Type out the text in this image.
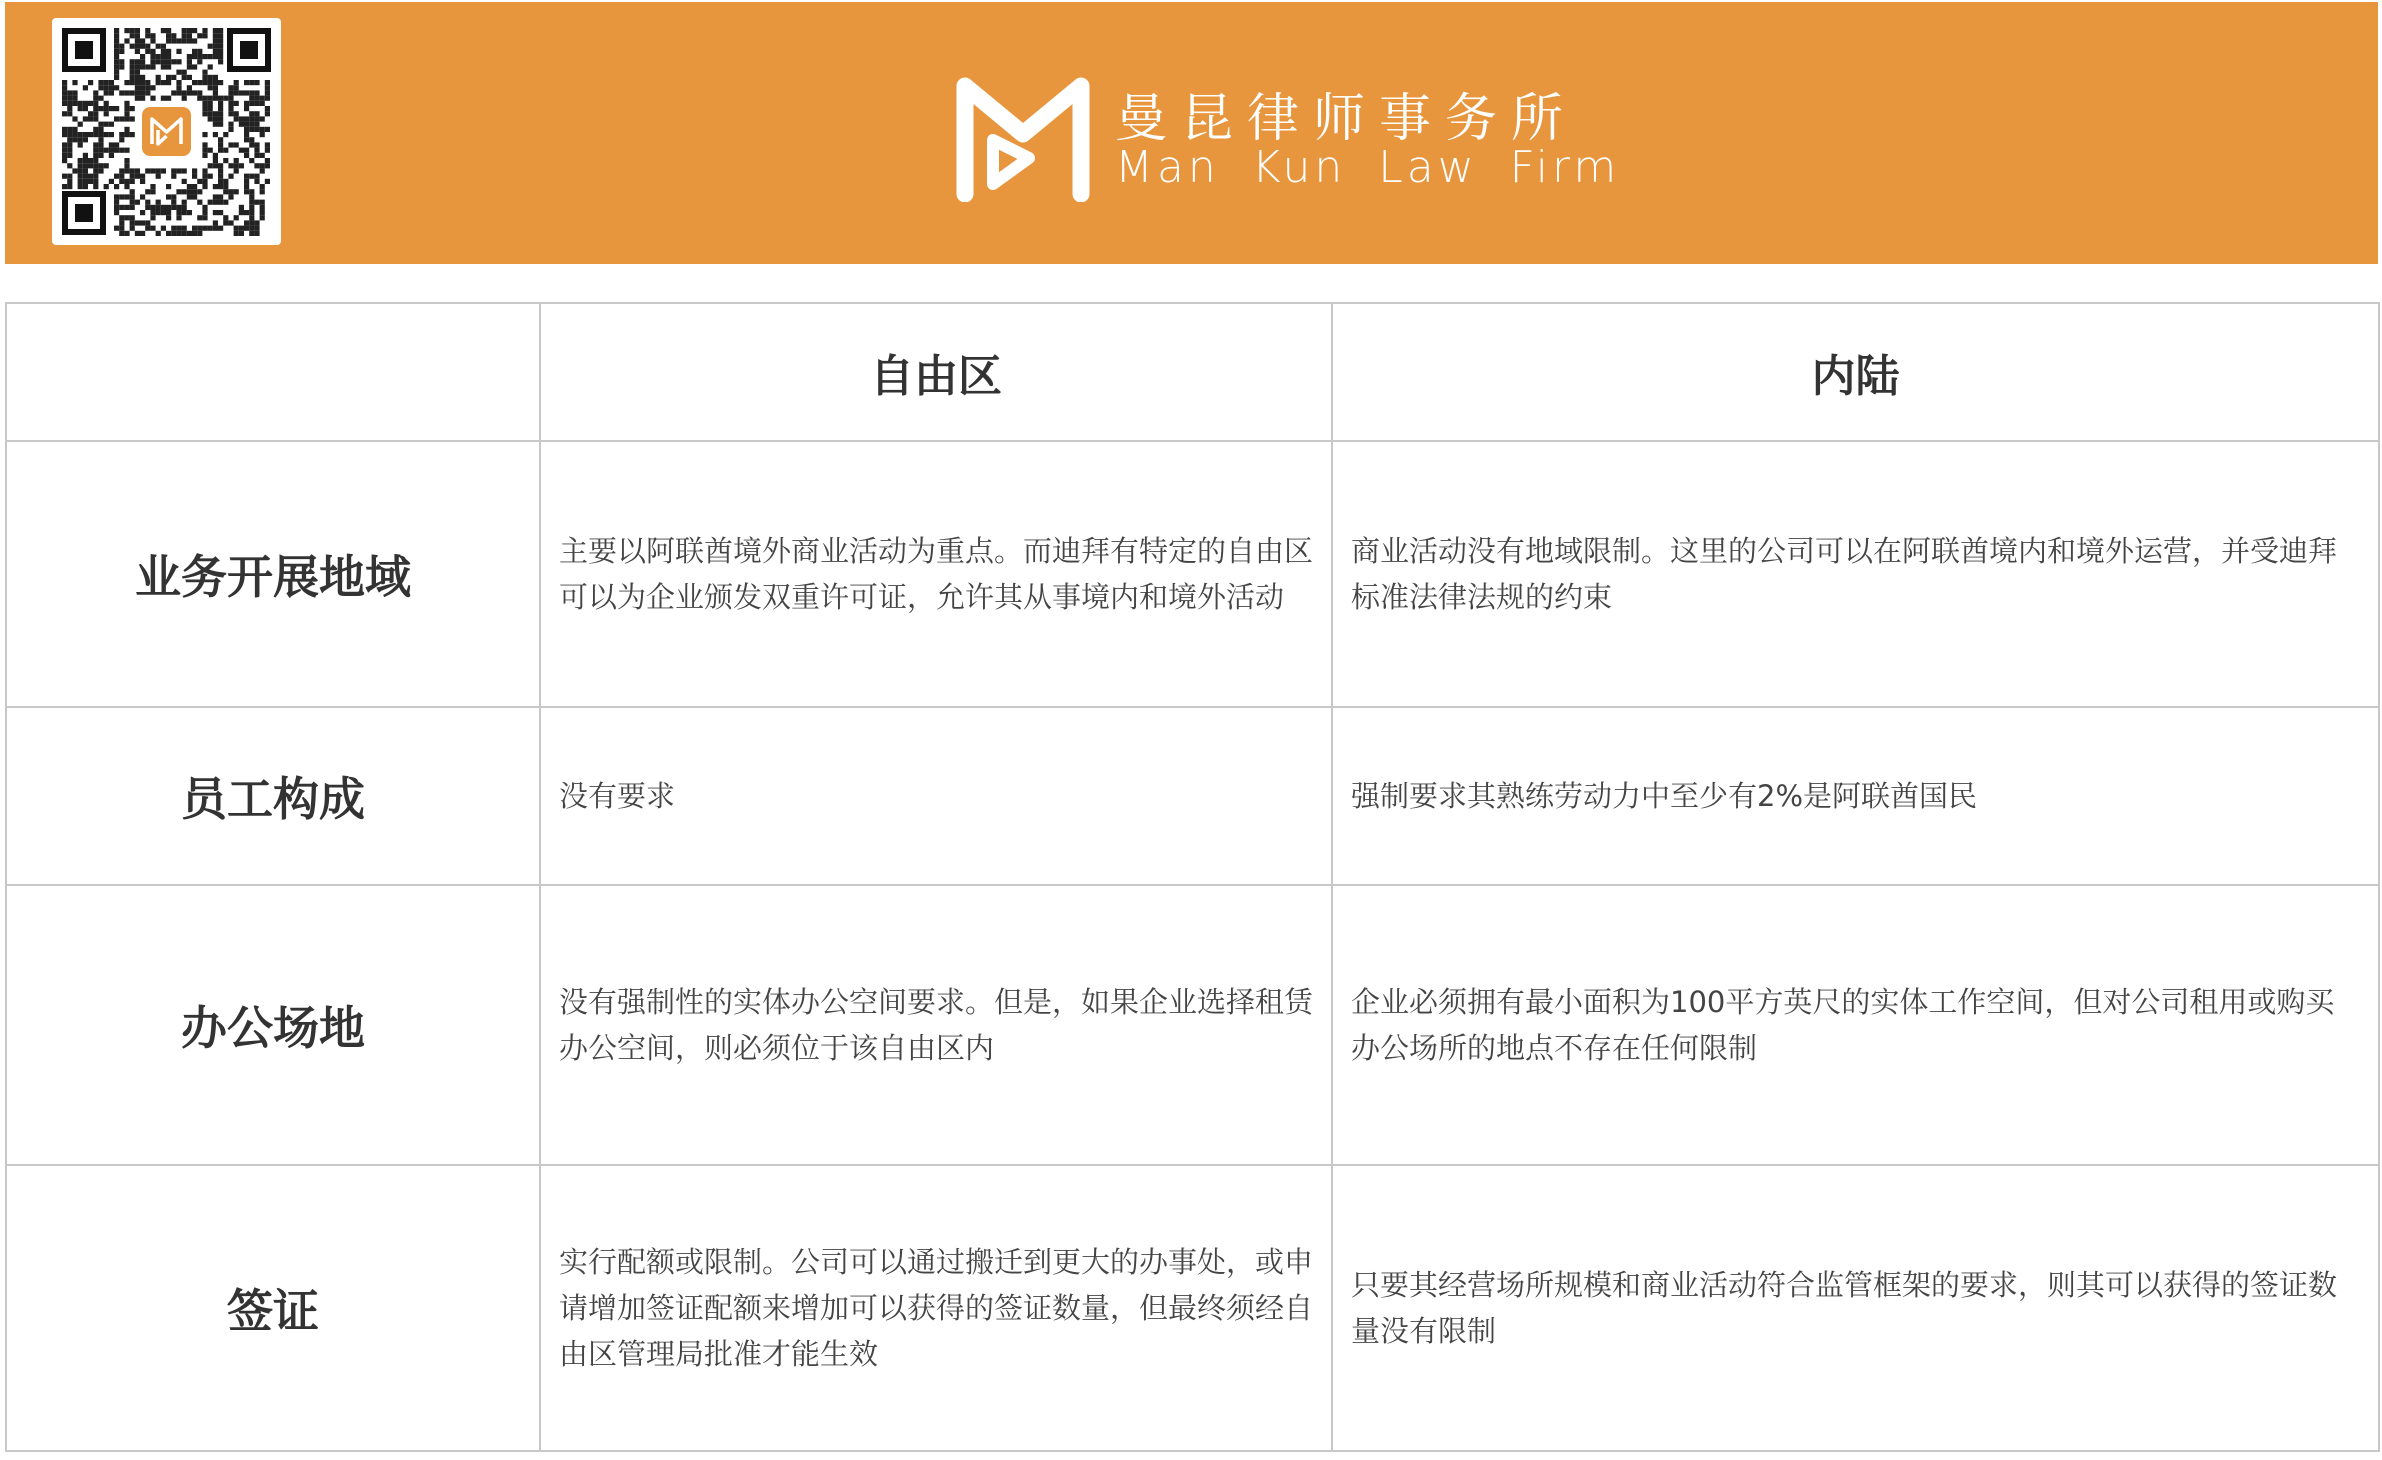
曼昆律师事务所
Man Kun Law Firm
	自由区	内陆
业务开展地域	主要以阿联酋境外商业活动为重点。而迪拜有特定的自由区可以为企业颁发双重许可证，允许其从事境内和境外活动	商业活动没有地域限制。这里的公司可以在阿联酋境内和境外运营，并受迪拜标准法律法规的约束
员工构成	没有要求	强制要求其熟练劳动力中至少有2%是阿联酋国民
办公场地	没有强制性的实体办公空间要求。但是，如果企业选择租赁办公空间，则必须位于该自由区内	企业必须拥有最小面积为100平方英尺的实体工作空间，但对公司租用或购买办公场所的地点不存在任何限制
签证	实行配额或限制。公司可以通过搬迁到更大的办事处，或申请增加签证配额来增加可以获得的签证数量，但最终须经自由区管理局批准才能生效	只要其经营场所规模和商业活动符合监管框架的要求，则其可以获得的签证数量没有限制
